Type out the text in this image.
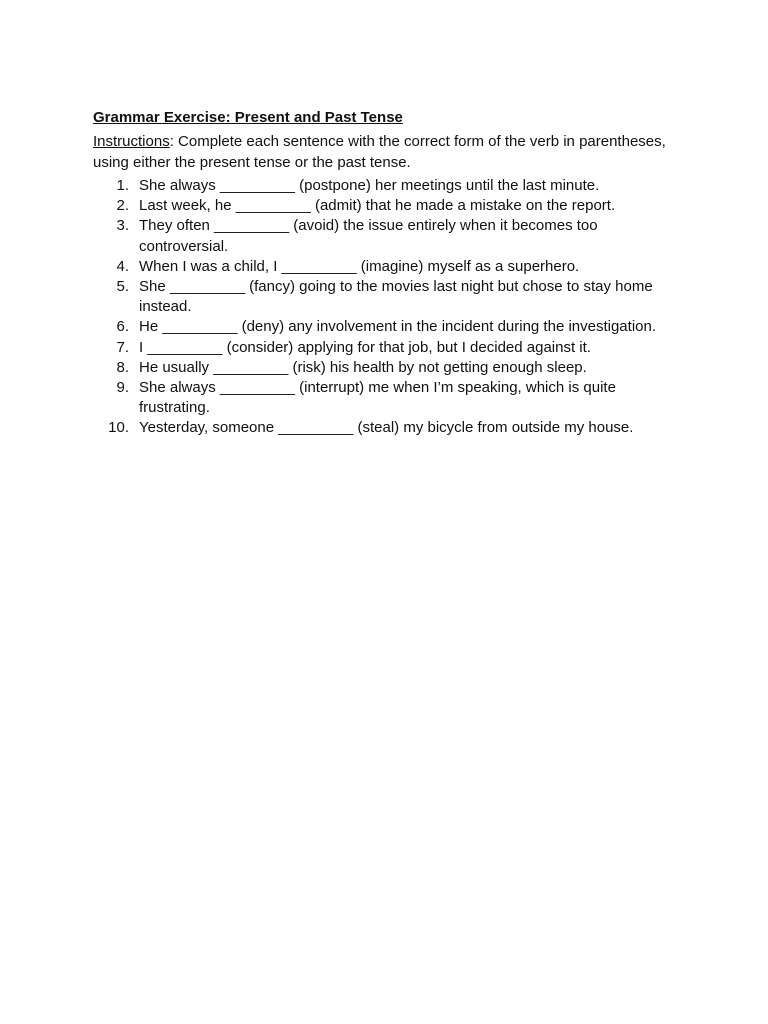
Grammar Exercise: Present and Past Tense
Instructions: Complete each sentence with the correct form of the verb in parentheses, using either the present tense or the past tense.
1. She always _________ (postpone) her meetings until the last minute.
2. Last week, he _________ (admit) that he made a mistake on the report.
3. They often _________ (avoid) the issue entirely when it becomes too controversial.
4. When I was a child, I _________ (imagine) myself as a superhero.
5. She _________ (fancy) going to the movies last night but chose to stay home instead.
6. He _________ (deny) any involvement in the incident during the investigation.
7. I _________ (consider) applying for that job, but I decided against it.
8. He usually _________ (risk) his health by not getting enough sleep.
9. She always _________ (interrupt) me when I’m speaking, which is quite frustrating.
10. Yesterday, someone _________ (steal) my bicycle from outside my house.
